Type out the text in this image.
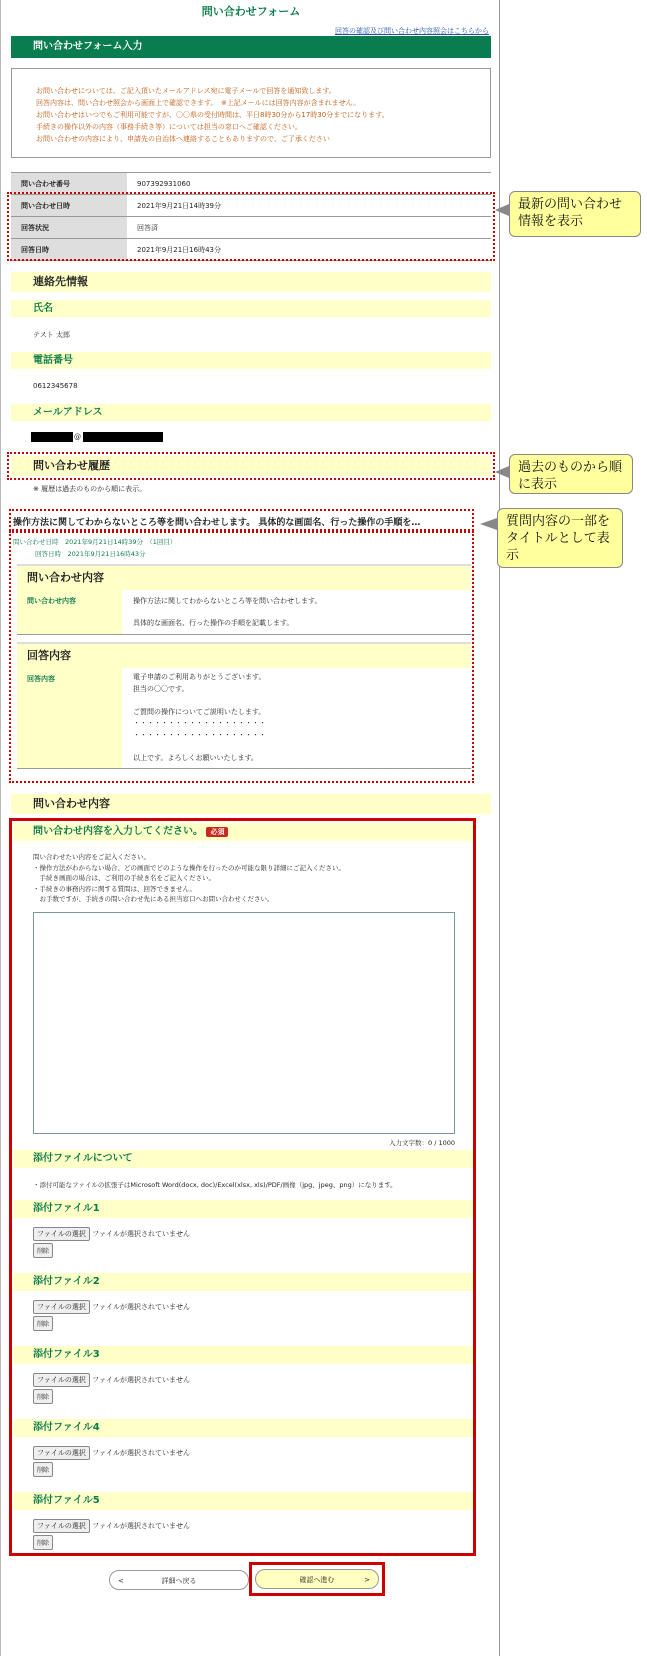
問い合わせフォーム
回答の確認及び問い合わせ内容照会はこちらから
問い合わせフォーム入力
お問い合わせについては、ご記入頂いたメールアドレス宛に電子メールで回答を通知致します。
回答内容は、問い合わせ照会から画面上で確認できます。　※上記メールには回答内容が含まれません。
お問い合わせはいつでもご利用可能ですが、〇〇県の受付時間は、平日8時30分から17時30分までになります。
手続きの操作以外の内容（事務手続き等）については担当の窓口へご確認ください。
お問い合わせの内容により、申請先の自治体へ連絡することもありますので、ご了承ください
問い合わせ番号	907392931060
問い合わせ日時	2021年9月21日14時39分
回答状況	回答済
回答日時	2021年9月21日16時43分
連絡先情報
氏名
テスト 太郎
電話番号
0612345678
メールアドレス
@
問い合わせ履歴
※ 履歴は過去のものから順に表示。
操作方法に関してわからないところ等を問い合わせします。 具体的な画面名、行った操作の手順を…
問い合わせ日時　2021年9月21日14時39分　（1回目）
回答日時　2021年9月21日16時43分
問い合わせ内容
問い合わせ内容	操作方法に関してわからないところ等を問い合わせします。

具体的な画面名、行った操作の手順を記載します。
回答内容
回答内容	電子申請のご利用ありがとうございます。
担当の〇〇です。

ご質問の操作についてご説明いたします。
・・・・・・・・・・・・・・・・・・・
・・・・・・・・・・・・・・・・・・・

以上です。よろしくお願いいたします。
問い合わせ内容
問い合わせ内容を入力してください。 必須
問い合わせたい内容をご記入ください。
・操作方法がわからない場合、どの画面でどのような操作を行ったのか可能な限り詳細にご記入ください。
　手続き画面の場合は、ご利用の手続き名をご記入ください。
・手続きの事務内容に関する質問は、回答できません。
　お手数ですが、手続きの問い合わせ先にある担当窓口へお問い合わせください。
入力文字数：0 / 1000
添付ファイルについて
・添付可能なファイルの拡張子はMicrosoft Word(docx, doc)/Excel(xlsx, xls)/PDF/画像（jpg、jpeg、png）になります。
添付ファイル1
ファイルの選択 ファイルが選択されていません
削除
添付ファイル2
ファイルの選択 ファイルが選択されていません
削除
添付ファイル3
ファイルの選択 ファイルが選択されていません
削除
添付ファイル4
ファイルの選択 ファイルが選択されていません
削除
添付ファイル5
ファイルの選択 ファイルが選択されていません
削除
<	詳細へ戻る	確認へ進む	>
最新の問い合わせ情報を表示
過去のものから順に表示
質問内容の一部をタイトルとして表示
